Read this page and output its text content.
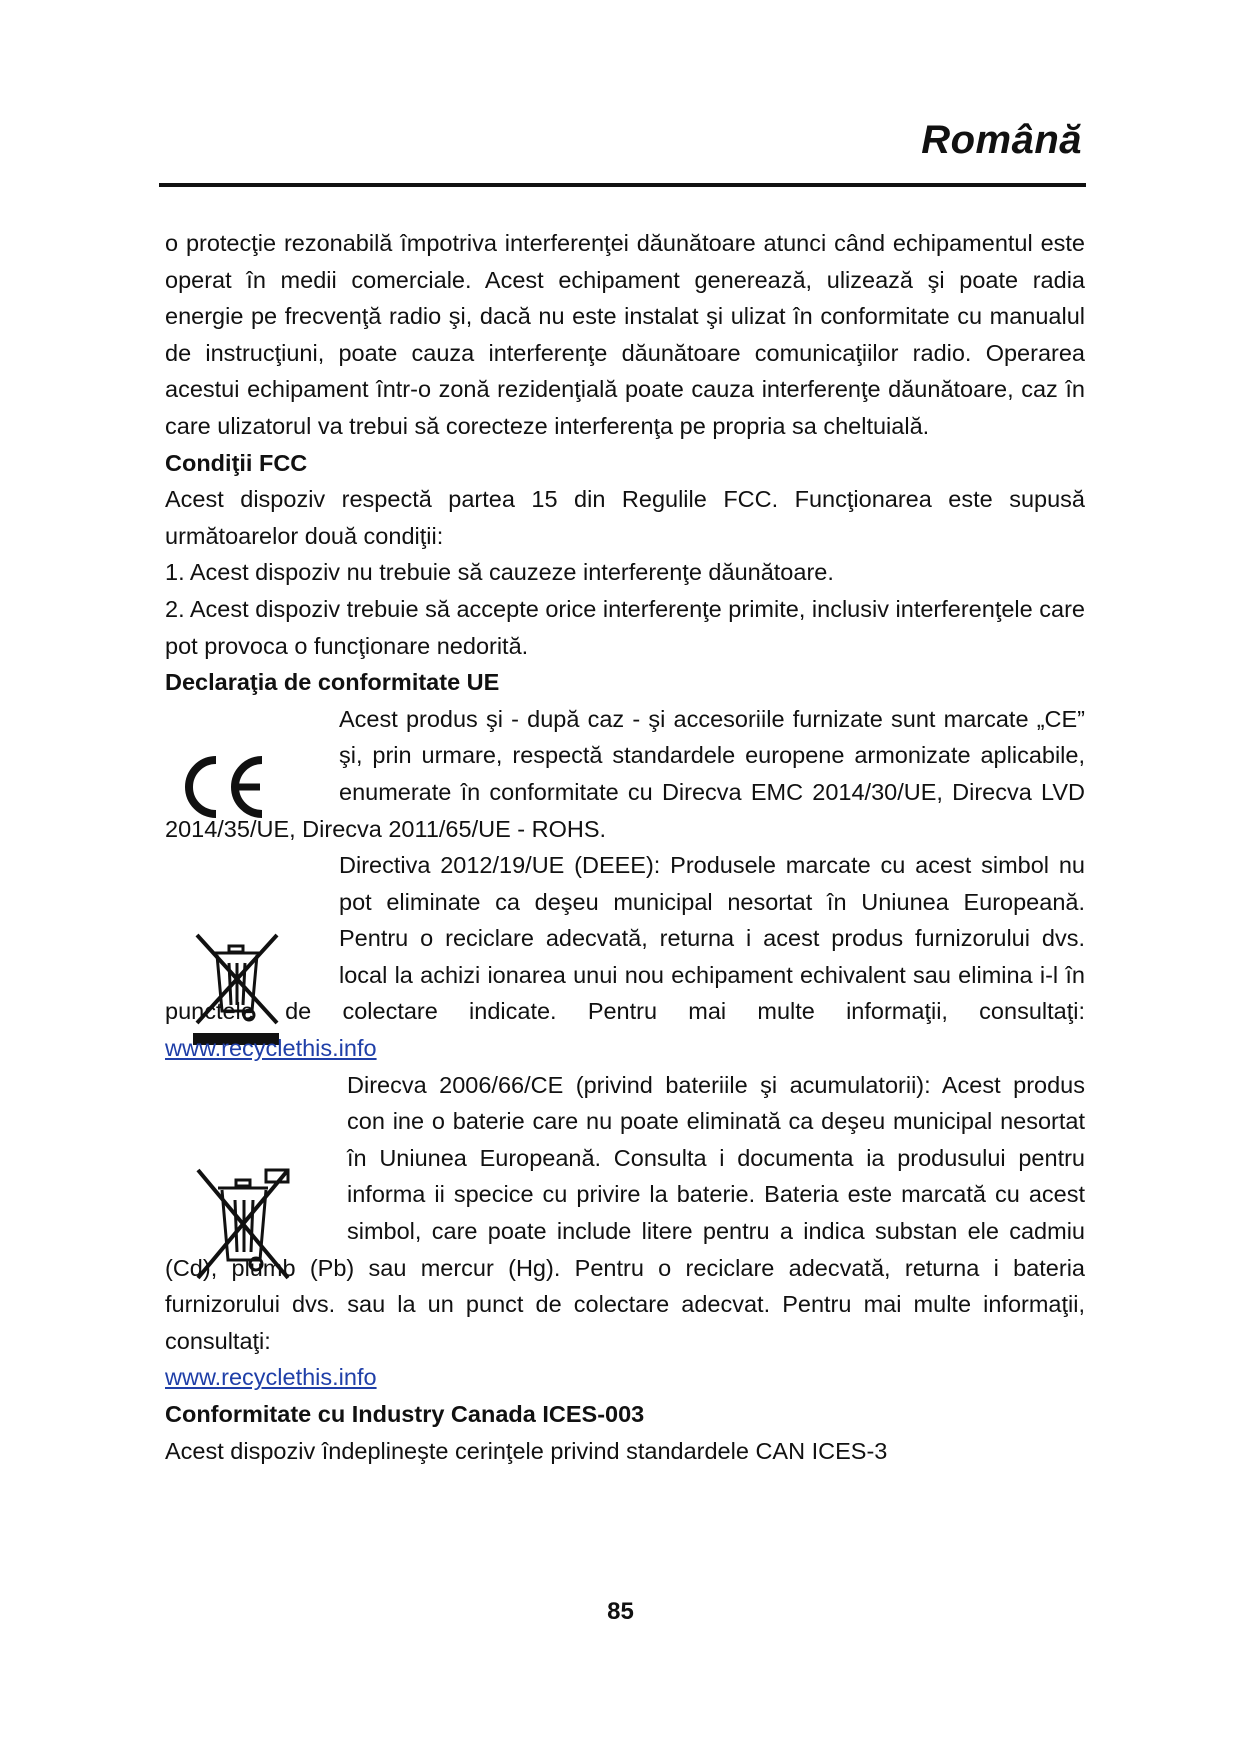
Română

o protecţie rezonabilă împotriva interferenţei dăunătoare atunci când echipamentul este operat în medii comerciale. Acest echipament generează, ulizează şi poate radia energie pe frecvenţă radio şi, dacă nu este instalat şi ulizat în conformitate cu manualul de instrucţiuni, poate cauza interferenţe dăunătoare comunicaţiilor radio. Operarea acestui echipament într-o zonă rezidenţială poate cauza interferenţe dăunătoare, caz în care ulizatorul va trebui să corecteze interferenţa pe propria sa cheltuială.

Condiţii FCC

Acest dispoziv respectă partea 15 din Regulile FCC. Funcţionarea este supusă următoarelor două condiţii:

1. Acest dispoziv nu trebuie să cauzeze interferenţe dăunătoare.

2. Acest dispoziv trebuie să accepte orice interferenţe primite, inclusiv interferenţele care pot provoca o funcţionare nedorită.

Declaraţia de conformitate UE

Acest produs şi - după caz - şi accesoriile furnizate sunt marcate „CE” şi, prin urmare, respectă standardele europene armonizate aplicabile, enumerate în conformitate cu Direcva EMC 2014/30/UE, Direcva LVD 2014/35/UE, Direcva 2011/65/UE - ROHS.

Directiva 2012/19/UE (DEEE): Produsele marcate cu acest simbol nu pot eliminate ca deşeu municipal nesortat în Uniunea Europeană. Pentru o reciclare adecvată, returna i acest produs furnizorului dvs. local la achizi ionarea unui nou echipament echivalent sau elimina i-l în punctele de colectare indicate. Pentru mai multe informaţii, consultaţi: www.recyclethis.info

Direcva 2006/66/CE (privind bateriile şi acumulatorii): Acest produs con ine o baterie care nu poate eliminată ca deşeu municipal nesortat în Uniunea Europeană. Consulta i documenta ia produsului pentru informa ii specice cu privire la baterie. Bateria este marcată cu acest simbol, care poate include litere pentru a indica substan ele cadmiu (Cd), plumb (Pb) sau mercur (Hg). Pentru o reciclare adecvată, returna i bateria furnizorului dvs. sau la un punct de colectare adecvat. Pentru mai multe informaţii, consultaţi:

www.recyclethis.info

Conformitate cu Industry Canada ICES-003

Acest dispoziv îndeplineşte cerinţele privind standardele CAN ICES-3

85
